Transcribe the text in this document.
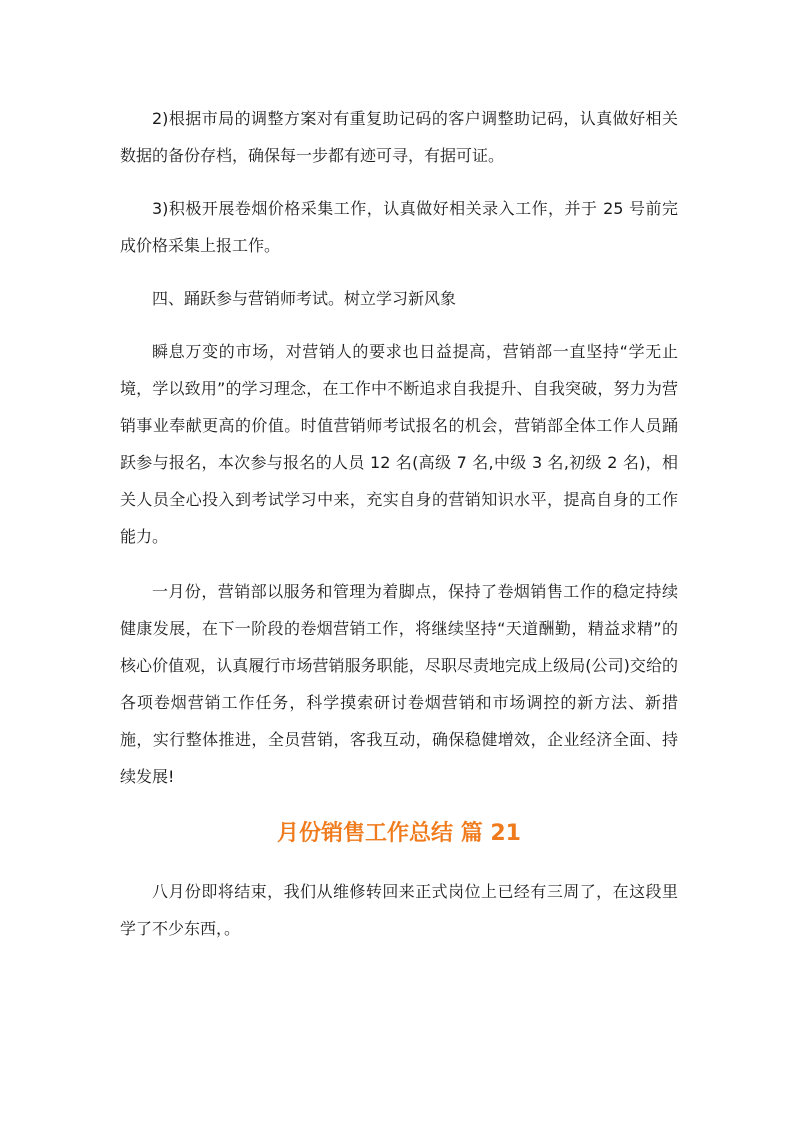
2)根据市局的调整方案对有重复助记码的客户调整助记码，认真做好相关数据的备份存档，确保每一步都有迹可寻，有据可证。

3)积极开展卷烟价格采集工作，认真做好相关录入工作，并于 25 号前完成价格采集上报工作。

四、踊跃参与营销师考试。树立学习新风象

瞬息万变的市场，对营销人的要求也日益提高，营销部一直坚持“学无止境，学以致用”的学习理念，在工作中不断追求自我提升、自我突破，努力为营销事业奉献更高的价值。时值营销师考试报名的机会，营销部全体工作人员踊跃参与报名，本次参与报名的人员 12 名(高级 7 名,中级 3 名,初级 2 名)，相关人员全心投入到考试学习中来，充实自身的营销知识水平，提高自身的工作能力。

一月份，营销部以服务和管理为着脚点，保持了卷烟销售工作的稳定持续健康发展，在下一阶段的卷烟营销工作，将继续坚持“天道酬勤，精益求精”的核心价值观，认真履行市场营销服务职能，尽职尽责地完成上级局(公司)交给的各项卷烟营销工作任务，科学摸索研讨卷烟营销和市场调控的新方法、新措施，实行整体推进，全员营销，客我互动，确保稳健增效，企业经济全面、持续发展!

月份销售工作总结 篇 21

八月份即将结束，我们从维修转回来正式岗位上已经有三周了，在这段里学了不少东西，。
